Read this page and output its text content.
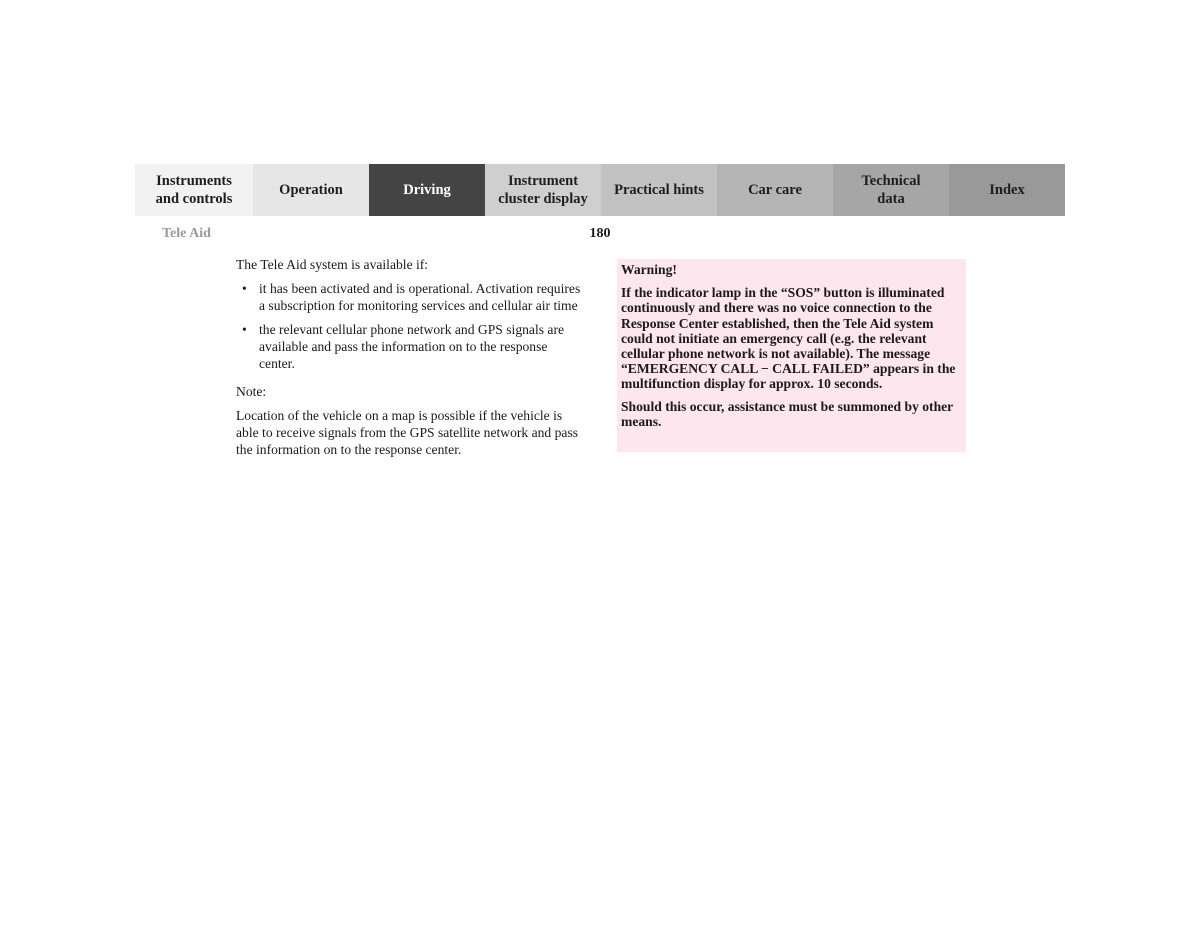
Instruments
and controls
Operation	Driving
Instrument
cluster display
Practical hints	Car care
Technical
data
Index
Tele Aid	180

The Tele Aid system is available if:

• it has been activated and is operational. Activation requires a subscription for monitoring services and cellular air time
• the relevant cellular phone network and GPS signals are available and pass the information on to the response center.

Note:

Location of the vehicle on a map is possible if the vehicle is able to receive signals from the GPS satellite network and pass the information on to the response center.

Warning!

If the indicator lamp in the “SOS” button is illuminated continuously and there was no voice connection to the Response Center established, then the Tele Aid system could not initiate an emergency call (e.g. the relevant cellular phone network is not available). The message “EMERGENCY CALL − CALL FAILED” appears in the multifunction display for approx. 10 seconds.

Should this occur, assistance must be summoned by other means.
